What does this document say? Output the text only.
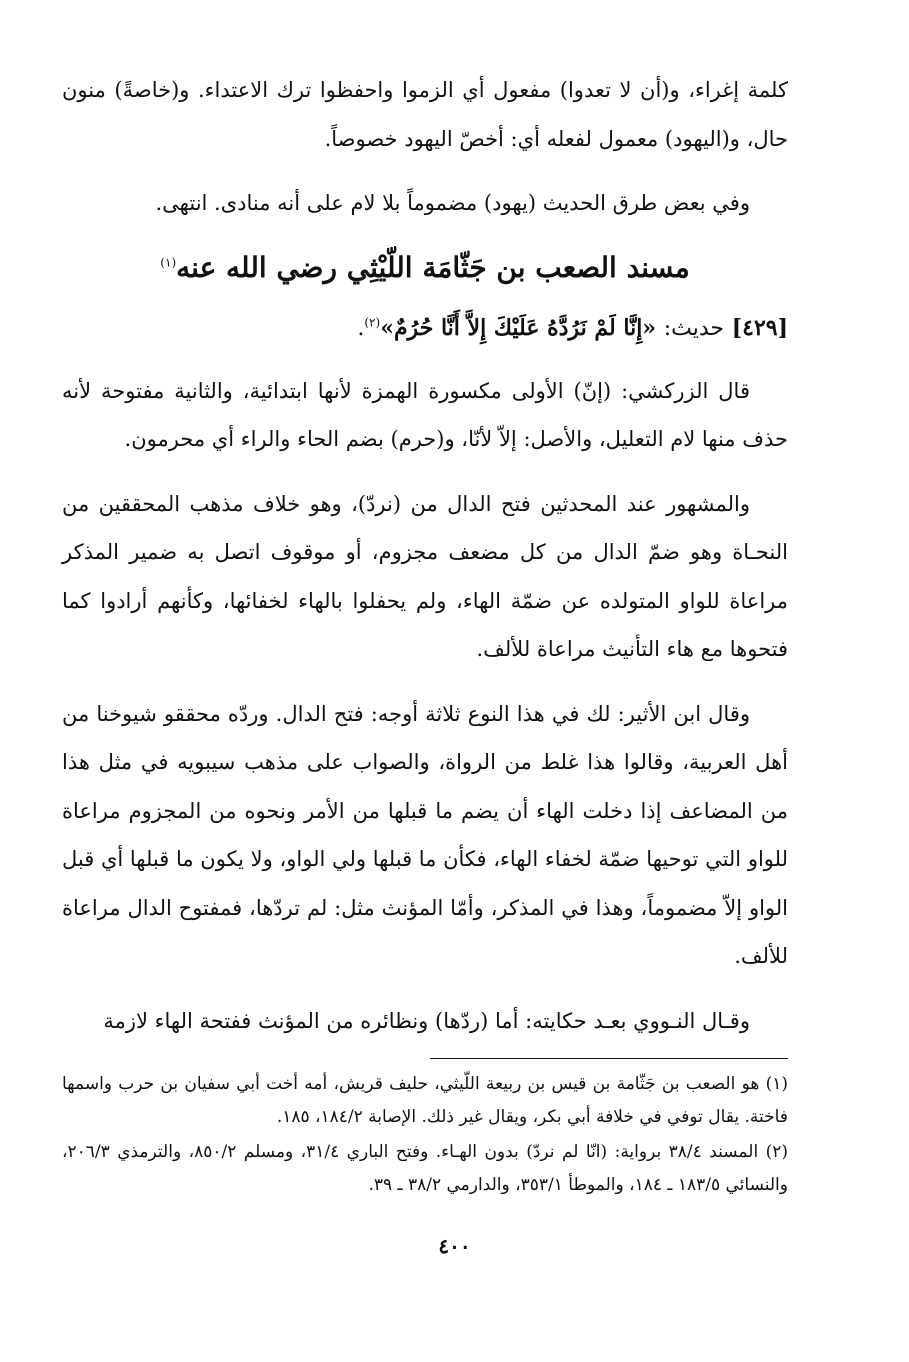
كلمة إغراء، و(أن لا تعدوا) مفعول أي الزموا واحفظوا ترك الاعتداء. و(خاصةً) منون حال، و(اليهود) معمول لفعله أي: أخصّ اليهود خصوصاً.

وفي بعض طرق الحديث (يهود) مضموماً بلا لام على أنه منادى. انتهى.

مسند الصعب بن جَثّامَة اللّيْثِي رضي الله عنه$^{(١)}$

[٤٢٩] حديث: «إِنَّا لَمْ نَرُدَّهُ عَلَيْكَ إِلاَّ أَنَّا حُرُمٌ»$^{(٢)}$.

قال الزركشي: (إنّ) الأولى مكسورة الهمزة لأنها ابتدائية، والثانية مفتوحة لأنه حذف منها لام التعليل، والأصل: إلاّ لأنّا، و(حرم) بضم الحاء والراء أي محرمون.

والمشهور عند المحدثين فتح الدال من (نردّ)، وهو خلاف مذهب المحققين من النحـاة وهو ضمّ الدال من كل مضعف مجزوم، أو موقوف اتصل به ضمير المذكر مراعاة للواو المتولده عن ضمّة الهاء، ولم يحفلوا بالهاء لخفائها، وكأنهم أرادوا كما فتحوها مع هاء التأنيث مراعاة للألف.

وقال ابن الأثير: لك في هذا النوع ثلاثة أوجه: فتح الدال. وردّه محققو شيوخنا من أهل العربية، وقالوا هذا غلط من الرواة، والصواب على مذهب سيبويه في مثل هذا من المضاعف إذا دخلت الهاء أن يضم ما قبلها من الأمر ونحوه من المجزوم مراعاة للواو التي توحيها ضمّة لخفاء الهاء، فكأن ما قبلها ولي الواو، ولا يكون ما قبلها أي قبل الواو إلاّ مضموماً، وهذا في المذكر، وأمّا المؤنث مثل: لم تردّها، فمفتوح الدال مراعاة للألف.

وقـال النـووي بعـد حكايته: أما (ردّها) ونظائره من المؤنث ففتحة الهاء لازمة

(١) هو الصعب بن جَثّامة بن قيس بن ربيعة اللّيثي، حليف قريش، أمه أخت أبي سفيان بن حرب واسمها فاختة. يقال توفي في خلافة أبي بكر، ويقال غير ذلك. الإصابة ١٨٤/٢، ١٨٥.

(٢) المسند ٣٨/٤ برواية: (انّا لم نردّ) بدون الهـاء. وفتح الباري ٣١/٤، ومسلم ٨٥٠/٢، والترمذي ٢٠٦/٣، والنسائي ١٨٣/٥ ـ ١٨٤، والموطأ ٣٥٣/١، والدارمي ٣٨/٢ ـ ٣٩.

٤٠٠
